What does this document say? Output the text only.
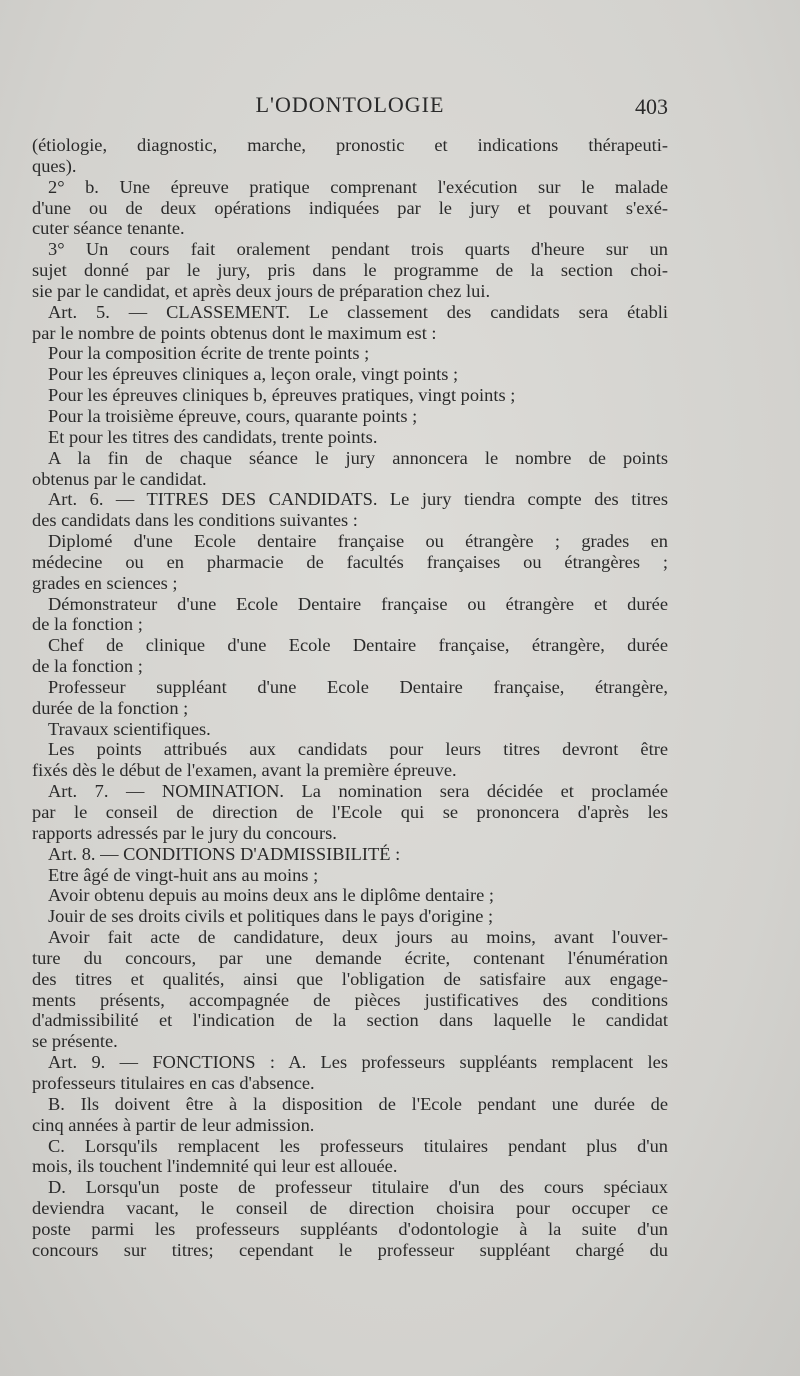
L'ODONTOLOGIE	403
(étiologie, diagnostic, marche, pronostic et indications thérapeuti-
ques).
2° b. Une épreuve pratique comprenant l'exécution sur le malade
d'une ou de deux opérations indiquées par le jury et pouvant s'exé-
cuter séance tenante.
3° Un cours fait oralement pendant trois quarts d'heure sur un
sujet donné par le jury, pris dans le programme de la section choi-
sie par le candidat, et après deux jours de préparation chez lui.
Art. 5. — CLASSEMENT. Le classement des candidats sera établi
par le nombre de points obtenus dont le maximum est :
Pour la composition écrite de trente points ;
Pour les épreuves cliniques a, leçon orale, vingt points ;
Pour les épreuves cliniques b, épreuves pratiques, vingt points ;
Pour la troisième épreuve, cours, quarante points ;
Et pour les titres des candidats, trente points.
A la fin de chaque séance le jury annoncera le nombre de points
obtenus par le candidat.
Art. 6. — TITRES DES CANDIDATS. Le jury tiendra compte des titres
des candidats dans les conditions suivantes :
Diplomé d'une Ecole dentaire française ou étrangère ; grades en
médecine ou en pharmacie de facultés françaises ou étrangères ;
grades en sciences ;
Démonstrateur d'une Ecole Dentaire française ou étrangère et durée
de la fonction ;
Chef de clinique d'une Ecole Dentaire française, étrangère, durée
de la fonction ;
Professeur suppléant d'une Ecole Dentaire française, étrangère,
durée de la fonction ;
Travaux scientifiques.
Les points attribués aux candidats pour leurs titres devront être
fixés dès le début de l'examen, avant la première épreuve.
Art. 7. — NOMINATION. La nomination sera décidée et proclamée
par le conseil de direction de l'Ecole qui se prononcera d'après les
rapports adressés par le jury du concours.
Art. 8. — CONDITIONS D'ADMISSIBILITÉ :
Etre âgé de vingt-huit ans au moins ;
Avoir obtenu depuis au moins deux ans le diplôme dentaire ;
Jouir de ses droits civils et politiques dans le pays d'origine ;
Avoir fait acte de candidature, deux jours au moins, avant l'ouver-
ture du concours, par une demande écrite, contenant l'énumération
des titres et qualités, ainsi que l'obligation de satisfaire aux engage-
ments présents, accompagnée de pièces justificatives des conditions
d'admissibilité et l'indication de la section dans laquelle le candidat
se présente.
Art. 9. — FONCTIONS : A. Les professeurs suppléants remplacent les
professeurs titulaires en cas d'absence.
B. Ils doivent être à la disposition de l'Ecole pendant une durée de
cinq années à partir de leur admission.
C. Lorsqu'ils remplacent les professeurs titulaires pendant plus d'un
mois, ils touchent l'indemnité qui leur est allouée.
D. Lorsqu'un poste de professeur titulaire d'un des cours spéciaux
deviendra vacant, le conseil de direction choisira pour occuper ce
poste parmi les professeurs suppléants d'odontologie à la suite d'un
concours sur titres; cependant le professeur suppléant chargé du
